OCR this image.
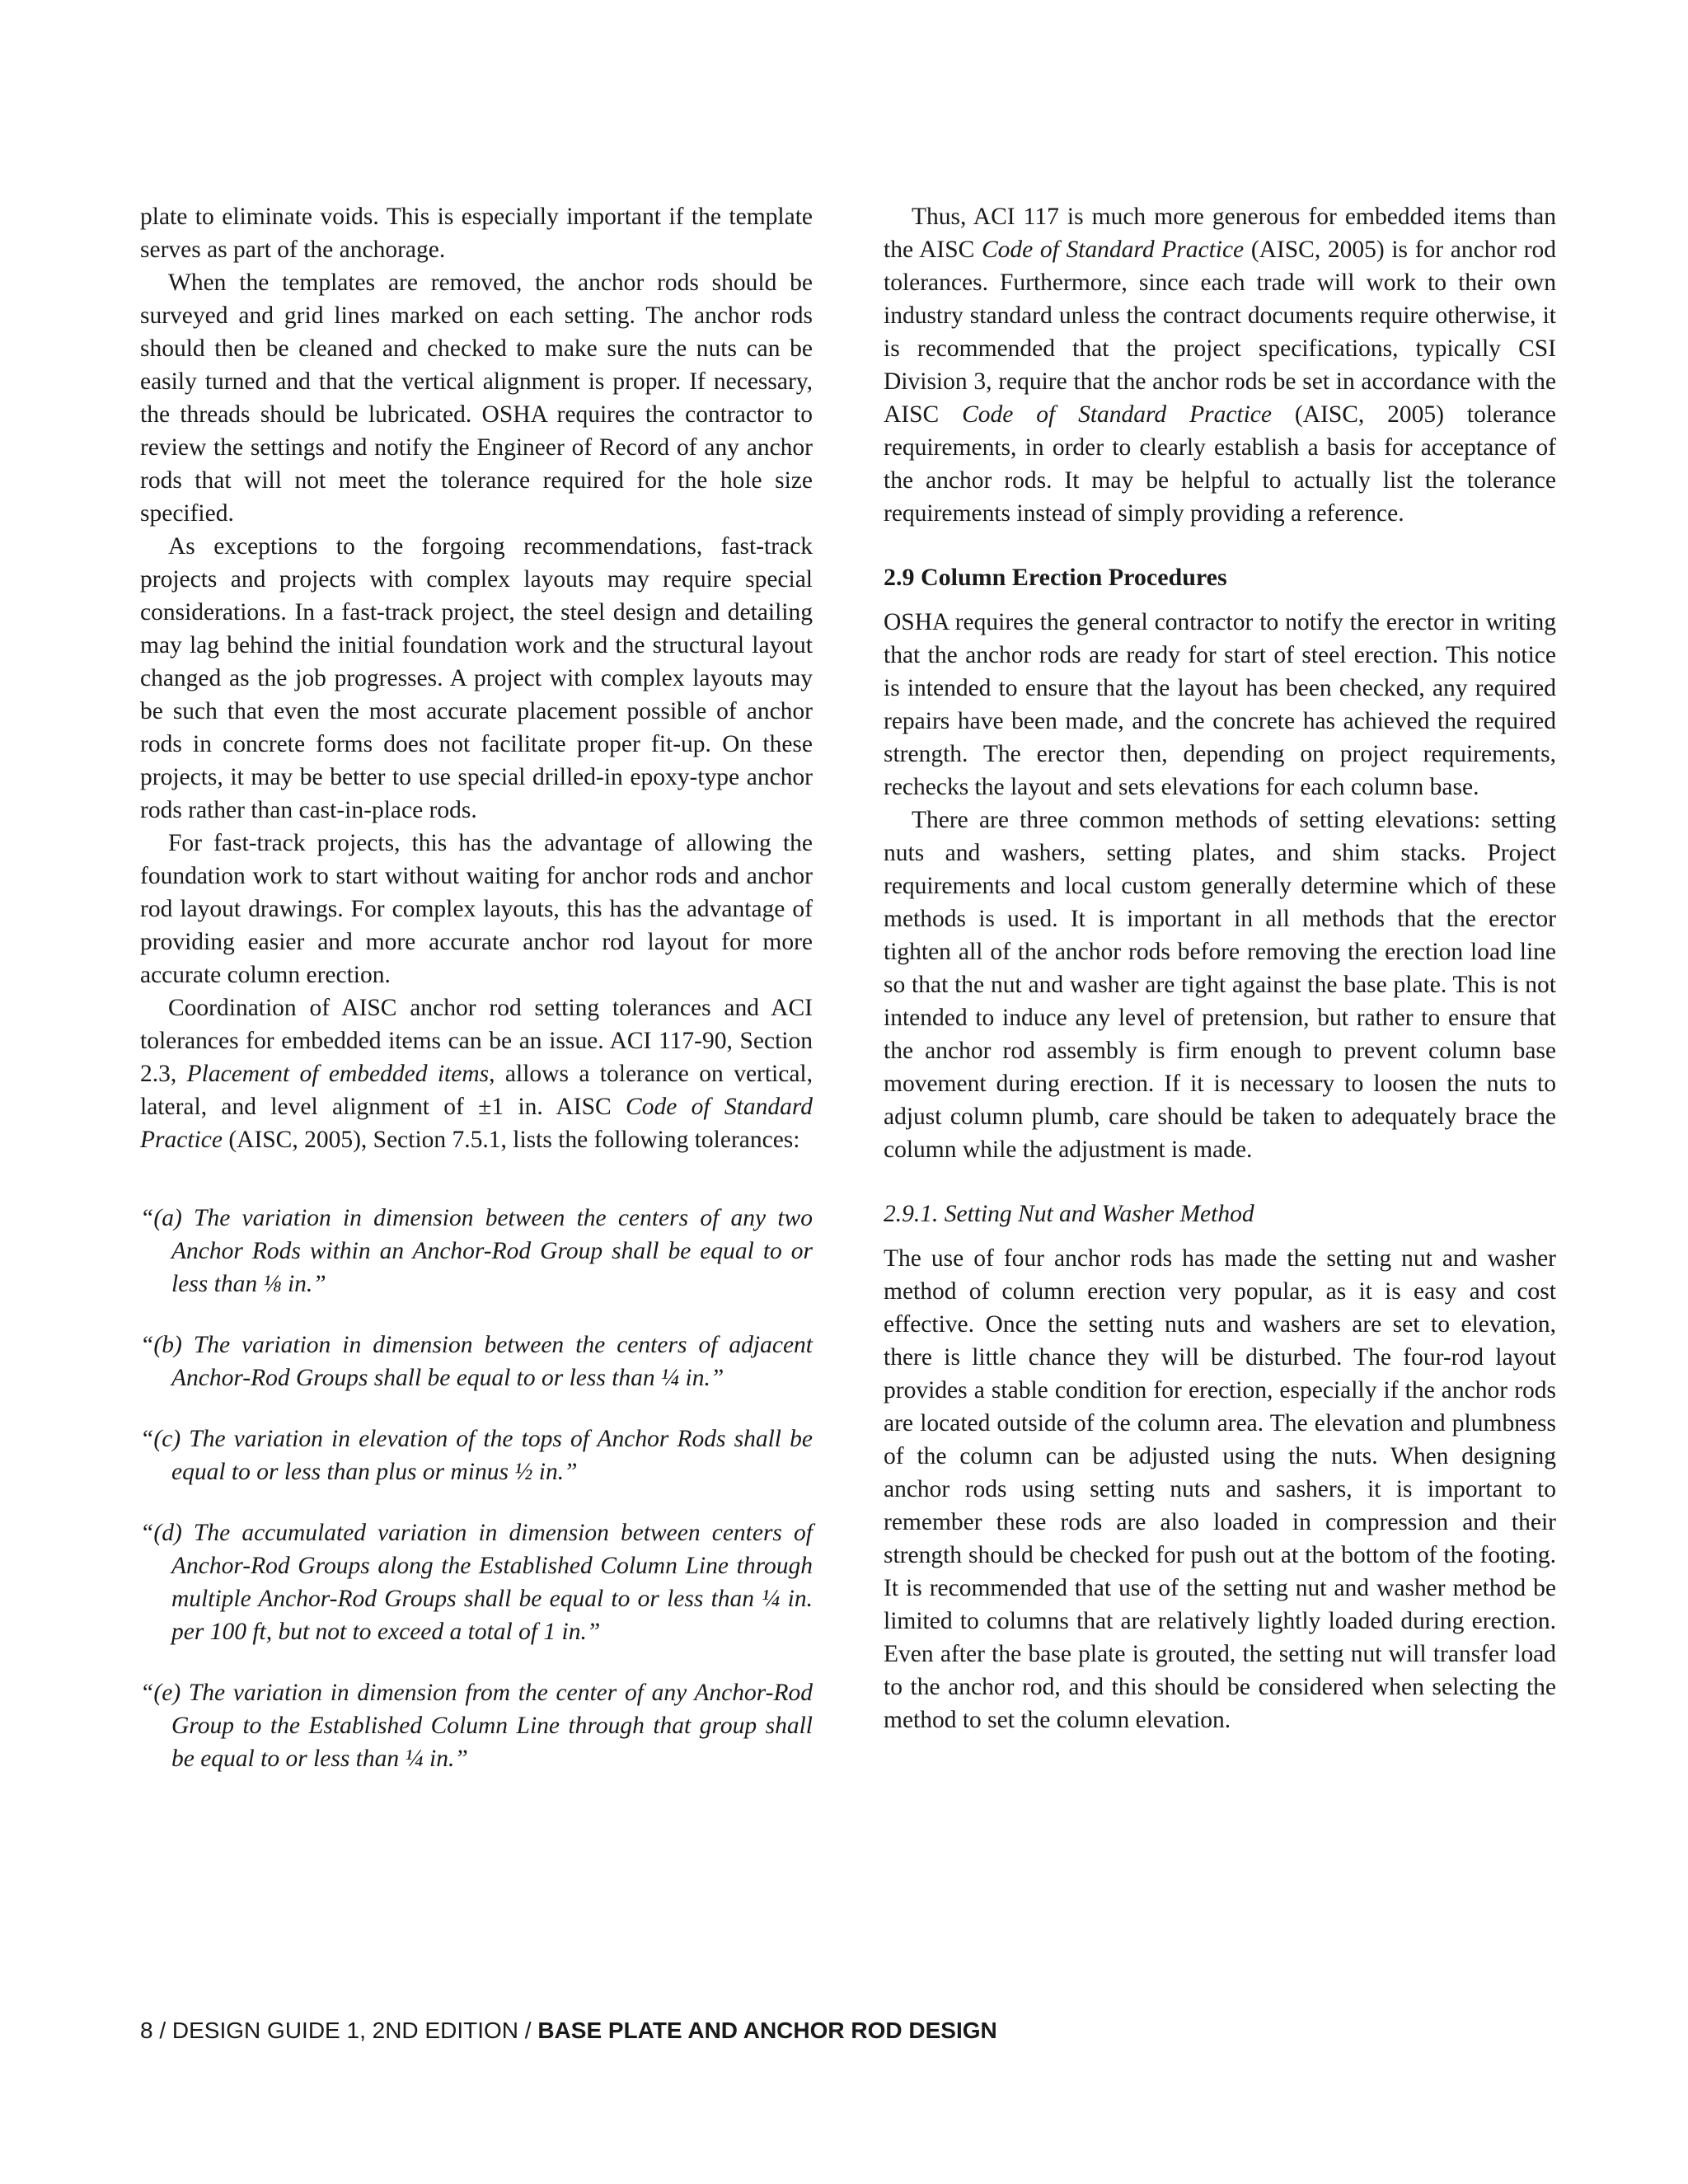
plate to eliminate voids. This is especially important if the template serves as part of the anchorage.

When the templates are removed, the anchor rods should be surveyed and grid lines marked on each setting. The anchor rods should then be cleaned and checked to make sure the nuts can be easily turned and that the vertical alignment is proper. If necessary, the threads should be lubricated. OSHA requires the contractor to review the settings and notify the Engineer of Record of any anchor rods that will not meet the tolerance required for the hole size specified.

As exceptions to the forgoing recommendations, fast-track projects and projects with complex layouts may require special considerations. In a fast-track project, the steel design and detailing may lag behind the initial foundation work and the structural layout changed as the job progresses. A project with complex layouts may be such that even the most accurate placement possible of anchor rods in concrete forms does not facilitate proper fit-up. On these projects, it may be better to use special drilled-in epoxy-type anchor rods rather than cast-in-place rods.

For fast-track projects, this has the advantage of allowing the foundation work to start without waiting for anchor rods and anchor rod layout drawings. For complex layouts, this has the advantage of providing easier and more accurate anchor rod layout for more accurate column erection.

Coordination of AISC anchor rod setting tolerances and ACI tolerances for embedded items can be an issue. ACI 117-90, Section 2.3, Placement of embedded items, allows a tolerance on vertical, lateral, and level alignment of ±1 in. AISC Code of Standard Practice (AISC, 2005), Section 7.5.1, lists the following tolerances:

“(a) The variation in dimension between the centers of any two Anchor Rods within an Anchor-Rod Group shall be equal to or less than ⅛ in.”

“(b) The variation in dimension between the centers of adjacent Anchor-Rod Groups shall be equal to or less than ¼ in.”

“(c) The variation in elevation of the tops of Anchor Rods shall be equal to or less than plus or minus ½ in.”

“(d) The accumulated variation in dimension between centers of Anchor-Rod Groups along the Established Column Line through multiple Anchor-Rod Groups shall be equal to or less than ¼ in. per 100 ft, but not to exceed a total of 1 in.”

“(e) The variation in dimension from the center of any Anchor-Rod Group to the Established Column Line through that group shall be equal to or less than ¼ in.”

Thus, ACI 117 is much more generous for embedded items than the AISC Code of Standard Practice (AISC, 2005) is for anchor rod tolerances. Furthermore, since each trade will work to their own industry standard unless the contract documents require otherwise, it is recommended that the project specifications, typically CSI Division 3, require that the anchor rods be set in accordance with the AISC Code of Standard Practice (AISC, 2005) tolerance requirements, in order to clearly establish a basis for acceptance of the anchor rods. It may be helpful to actually list the tolerance requirements instead of simply providing a reference.

2.9 Column Erection Procedures

OSHA requires the general contractor to notify the erector in writing that the anchor rods are ready for start of steel erection. This notice is intended to ensure that the layout has been checked, any required repairs have been made, and the concrete has achieved the required strength. The erector then, depending on project requirements, rechecks the layout and sets elevations for each column base.

There are three common methods of setting elevations: setting nuts and washers, setting plates, and shim stacks. Project requirements and local custom generally determine which of these methods is used. It is important in all methods that the erector tighten all of the anchor rods before removing the erection load line so that the nut and washer are tight against the base plate. This is not intended to induce any level of pretension, but rather to ensure that the anchor rod assembly is firm enough to prevent column base movement during erection. If it is necessary to loosen the nuts to adjust column plumb, care should be taken to adequately brace the column while the adjustment is made.

2.9.1. Setting Nut and Washer Method

The use of four anchor rods has made the setting nut and washer method of column erection very popular, as it is easy and cost effective. Once the setting nuts and washers are set to elevation, there is little chance they will be disturbed. The four-rod layout provides a stable condition for erection, especially if the anchor rods are located outside of the column area. The elevation and plumbness of the column can be adjusted using the nuts. When designing anchor rods using setting nuts and sashers, it is important to remember these rods are also loaded in compression and their strength should be checked for push out at the bottom of the footing. It is recommended that use of the setting nut and washer method be limited to columns that are relatively lightly loaded during erection. Even after the base plate is grouted, the setting nut will transfer load to the anchor rod, and this should be considered when selecting the method to set the column elevation.

8 / DESIGN GUIDE 1, 2ND EDITION / BASE PLATE AND ANCHOR ROD DESIGN
